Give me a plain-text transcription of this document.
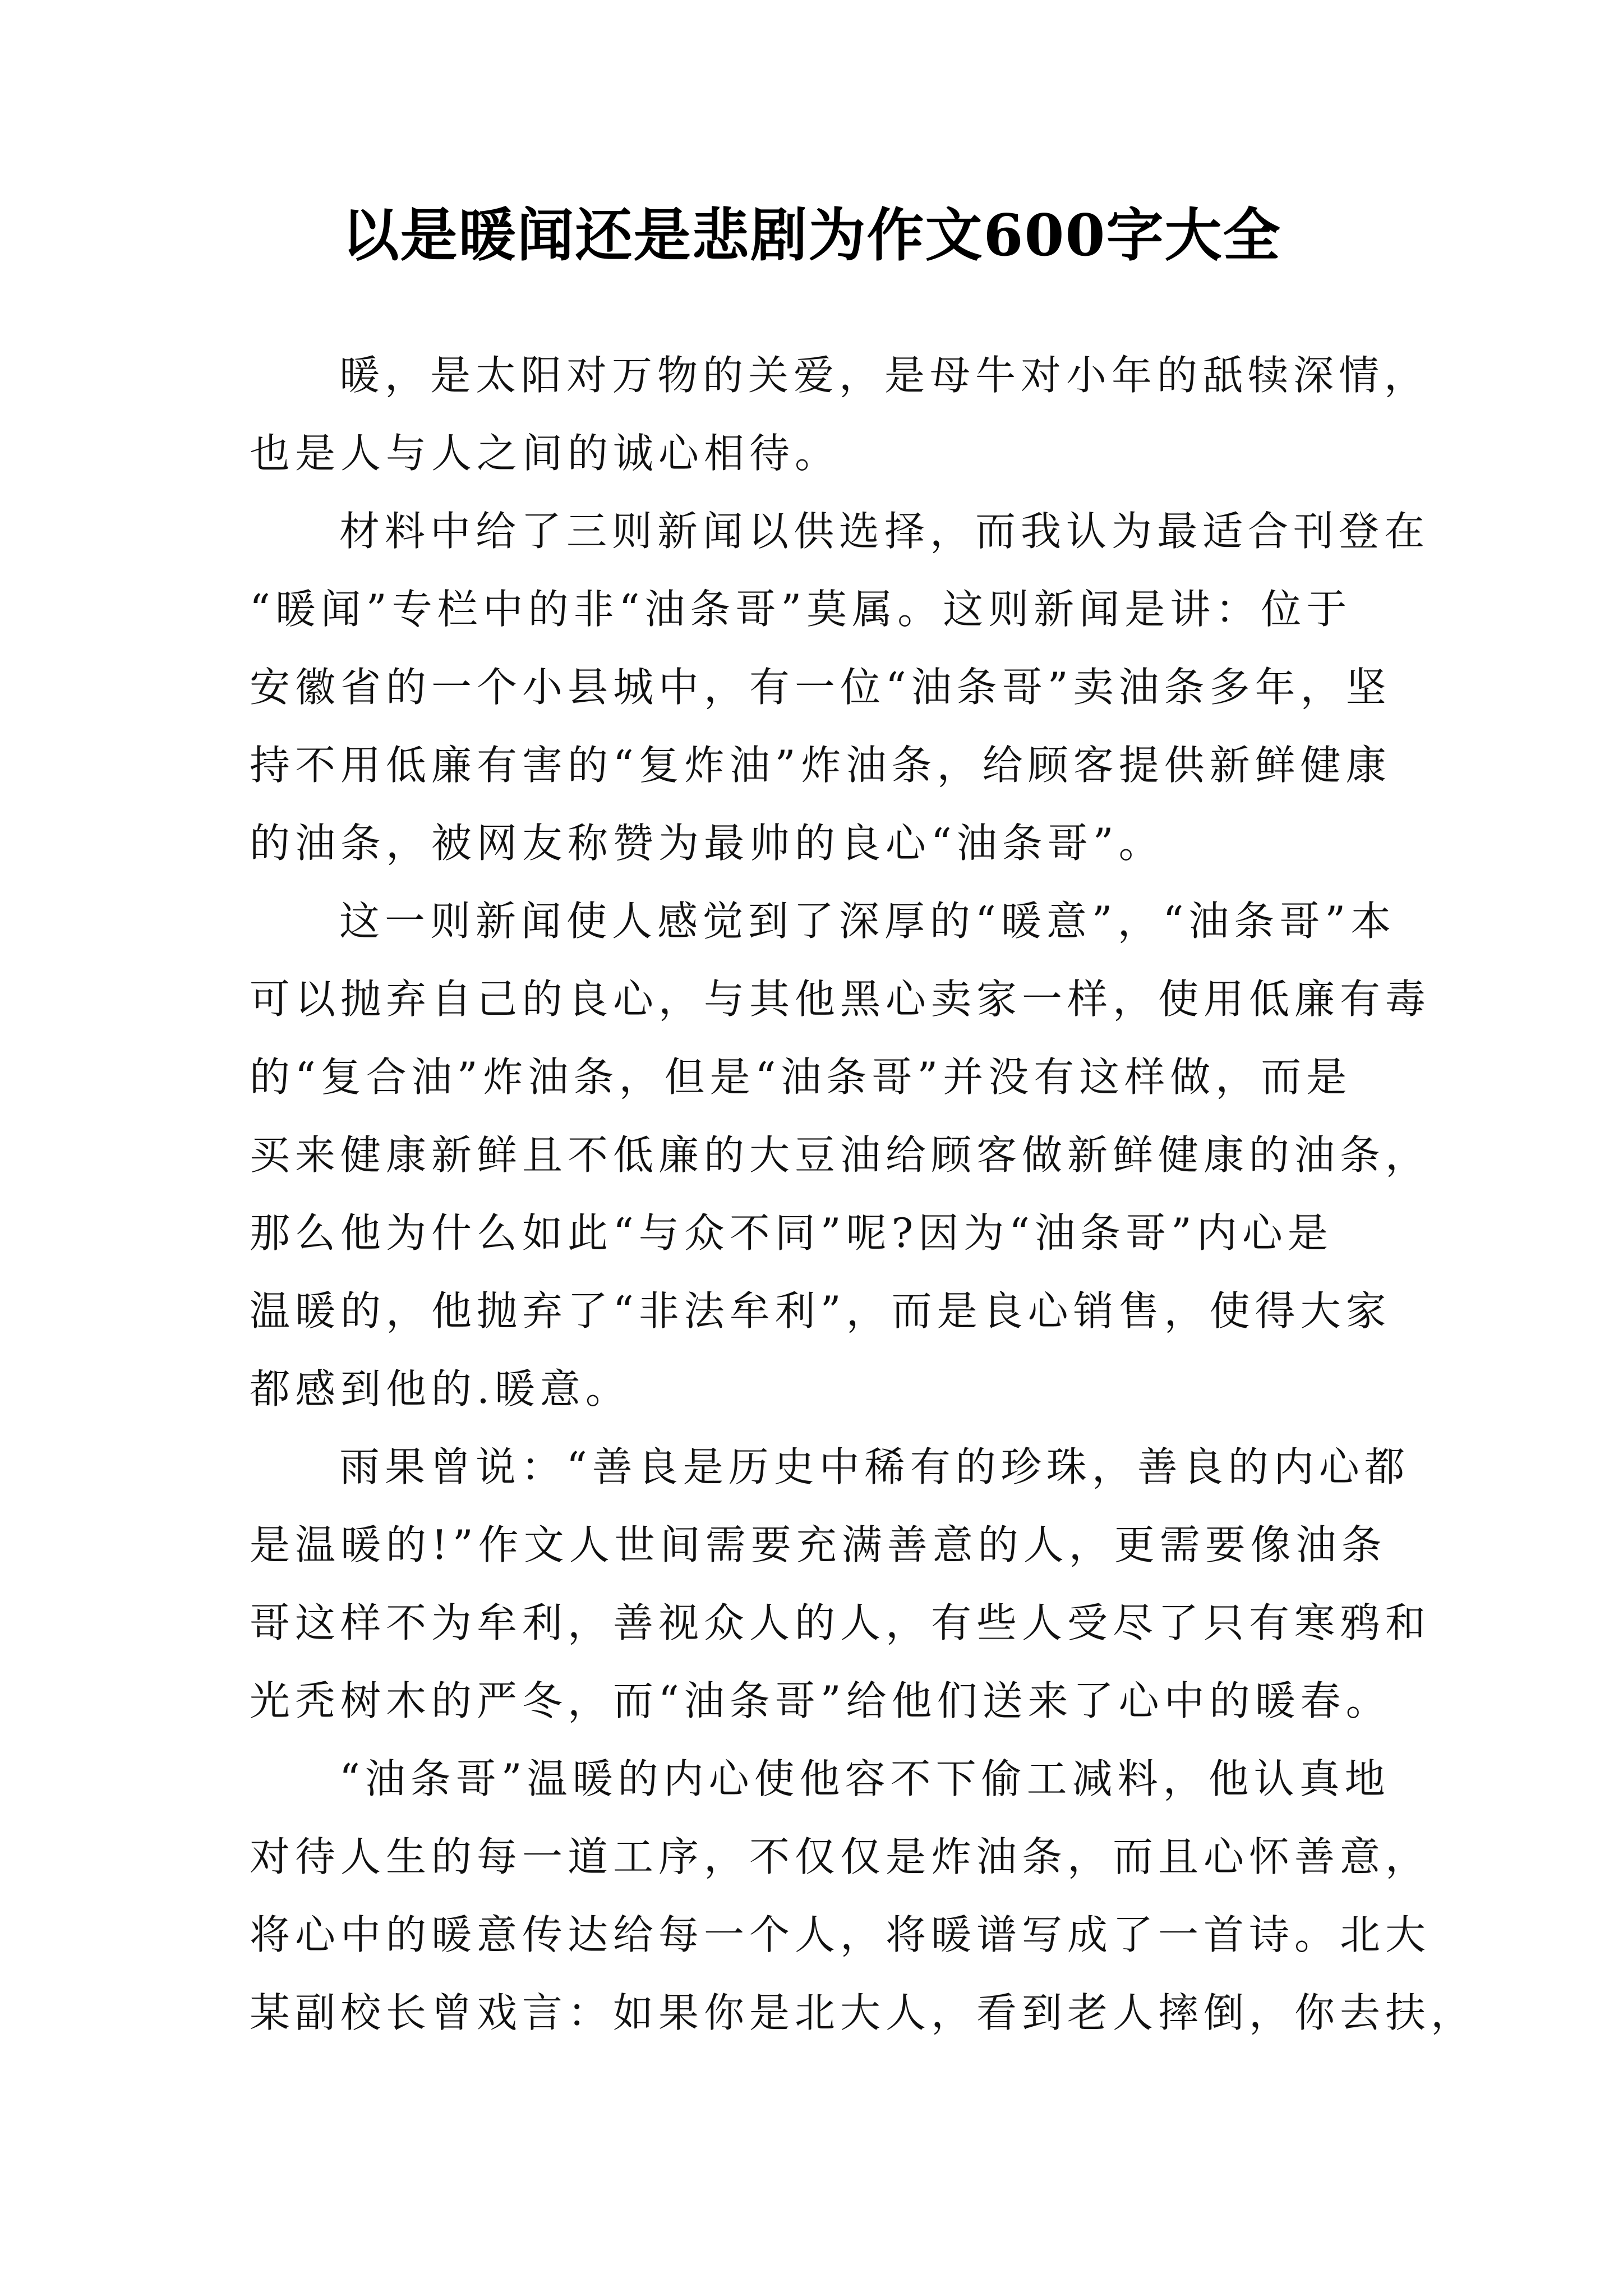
以是暖闻还是悲剧为作文600字大全
暖，是太阳对万物的关爱，是母牛对小年的舐犊深情，
也是人与人之间的诚心相待。
材料中给了三则新闻以供选择，而我认为最适合刊登在
“暖闻”专栏中的非“油条哥”莫属。这则新闻是讲：位于
安徽省的一个小县城中，有一位“油条哥”卖油条多年，坚
持不用低廉有害的“复炸油”炸油条，给顾客提供新鲜健康
的油条，被网友称赞为最帅的良心“油条哥”。
这一则新闻使人感觉到了深厚的“暖意”，“油条哥”本
可以抛弃自己的良心，与其他黑心卖家一样，使用低廉有毒
的“复合油”炸油条，但是“油条哥”并没有这样做，而是
买来健康新鲜且不低廉的大豆油给顾客做新鲜健康的油条，
那么他为什么如此“与众不同”呢?因为“油条哥”内心是
温暖的，他抛弃了“非法牟利”，而是良心销售，使得大家
都感到他的.暖意。
雨果曾说：“善良是历史中稀有的珍珠，善良的内心都
是温暖的!”作文人世间需要充满善意的人，更需要像油条
哥这样不为牟利，善视众人的人，有些人受尽了只有寒鸦和
光秃树木的严冬，而“油条哥”给他们送来了心中的暖春。
“油条哥”温暖的内心使他容不下偷工减料，他认真地
对待人生的每一道工序，不仅仅是炸油条，而且心怀善意，
将心中的暖意传达给每一个人，将暖谱写成了一首诗。北大
某副校长曾戏言：如果你是北大人，看到老人摔倒，你去扶，
